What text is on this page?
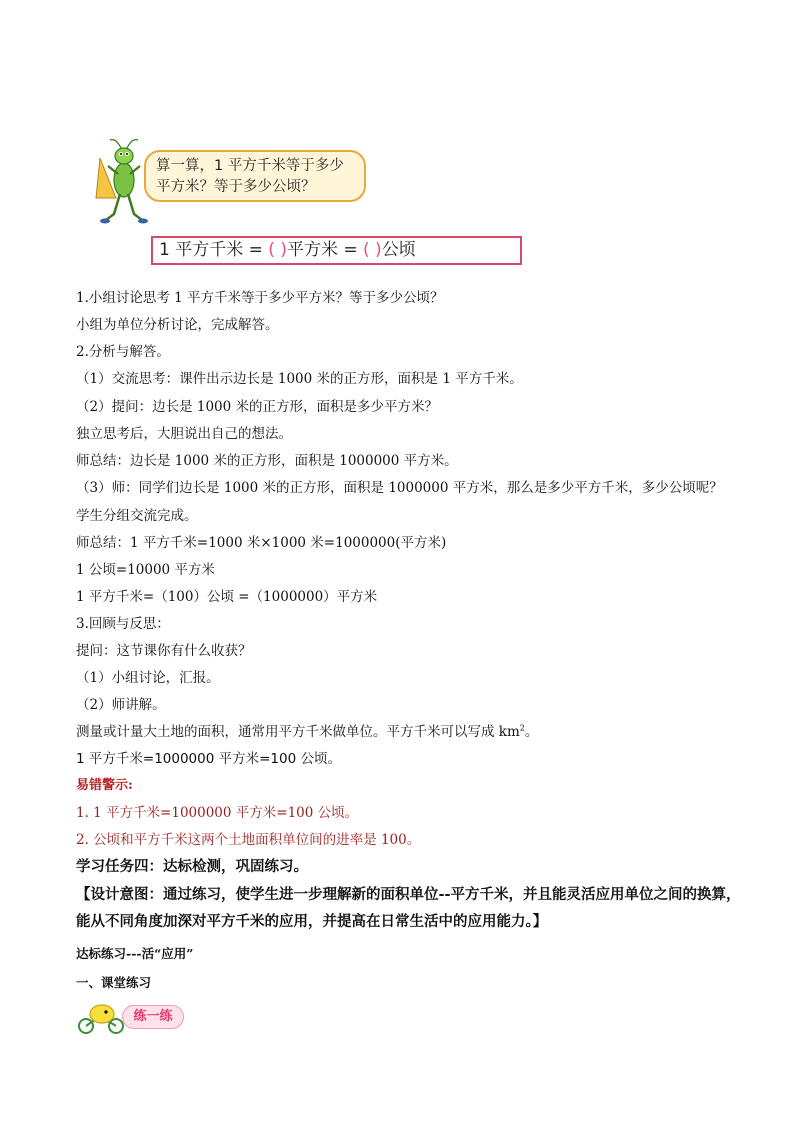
算一算，1 平方千米等于多少
平方米？等于多少公顷？
1 平方千米 = ( )平方米 = ( )公顷
1.小组讨论思考 1 平方千米等于多少平方米？等于多少公顷？
小组为单位分析讨论，完成解答。
2.分析与解答。
（1）交流思考：课件出示边长是 1000 米的正方形，面积是 1 平方千米。
（2）提问：边长是 1000 米的正方形，面积是多少平方米？
独立思考后，大胆说出自己的想法。
师总结：边长是 1000 米的正方形，面积是 1000000 平方米。
（3）师：同学们边长是 1000 米的正方形，面积是 1000000 平方米，那么是多少平方千米，多少公顷呢？
学生分组交流完成。
师总结：1 平方千米=1000 米×1000 米=1000000(平方米)
1 公顷=10000 平方米
1 平方千米=（100）公顷 =（1000000）平方米
3.回顾与反思：
提问：这节课你有什么收获？
（1）小组讨论，汇报。
（2）师讲解。
测量或计量大土地的面积，通常用平方千米做单位。平方千米可以写成 $km^2$。
1 平方千米=1000000 平方米=100 公顷。
易错警示:
1. 1 平方千米=1000000 平方米=100 公顷。
2. 公顷和平方千米这两个土地面积单位间的进率是 100。
学习任务四：达标检测，巩固练习。
【设计意图：通过练习，使学生进一步理解新的面积单位--平方千米，并且能灵活应用单位之间的换算，
能从不同角度加深对平方千米的应用，并提高在日常生活中的应用能力。】
达标练习---活“应用”
一、课堂练习
练一练
